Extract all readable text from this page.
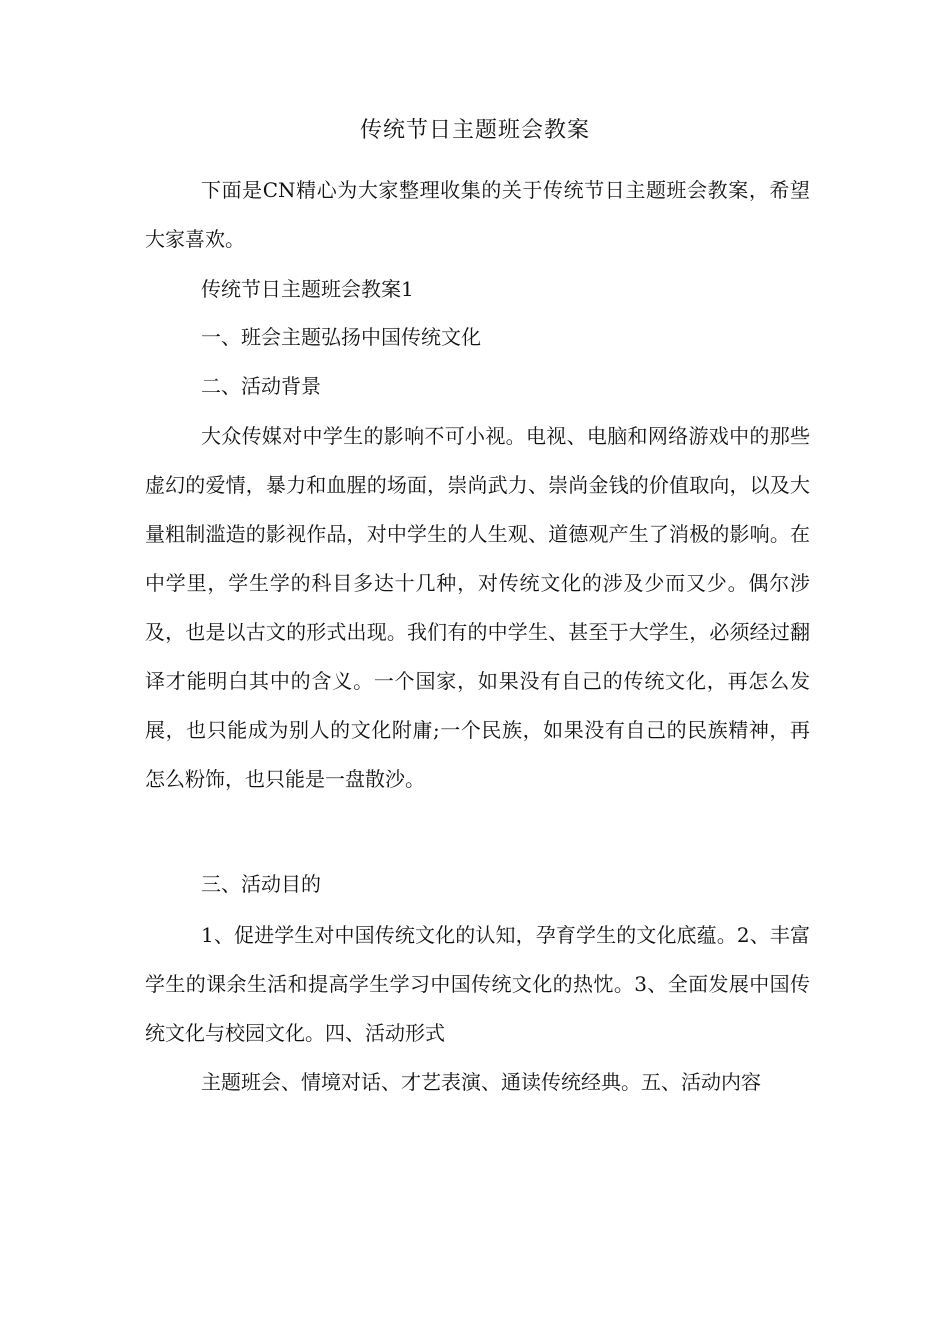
传统节日主题班会教案
下面是CN精心为大家整理收集的关于传统节日主题班会教案，希望大家喜欢。
传统节日主题班会教案1
一、班会主题弘扬中国传统文化
二、活动背景
大众传媒对中学生的影响不可小视。电视、电脑和网络游戏中的那些虚幻的爱情，暴力和血腥的场面，崇尚武力、崇尚金钱的价值取向，以及大量粗制滥造的影视作品，对中学生的人生观、道德观产生了消极的影响。在中学里，学生学的科目多达十几种，对传统文化的涉及少而又少。偶尔涉及，也是以古文的形式出现。我们有的中学生、甚至于大学生，必须经过翻译才能明白其中的含义。一个国家，如果没有自己的传统文化，再怎么发展，也只能成为别人的文化附庸;一个民族，如果没有自己的民族精神，再怎么粉饰，也只能是一盘散沙。
三、活动目的
1、促进学生对中国传统文化的认知，孕育学生的文化底蕴。2、丰富学生的课余生活和提高学生学习中国传统文化的热忱。3、全面发展中国传统文化与校园文化。四、活动形式
主题班会、情境对话、才艺表演、通读传统经典。五、活动内容
